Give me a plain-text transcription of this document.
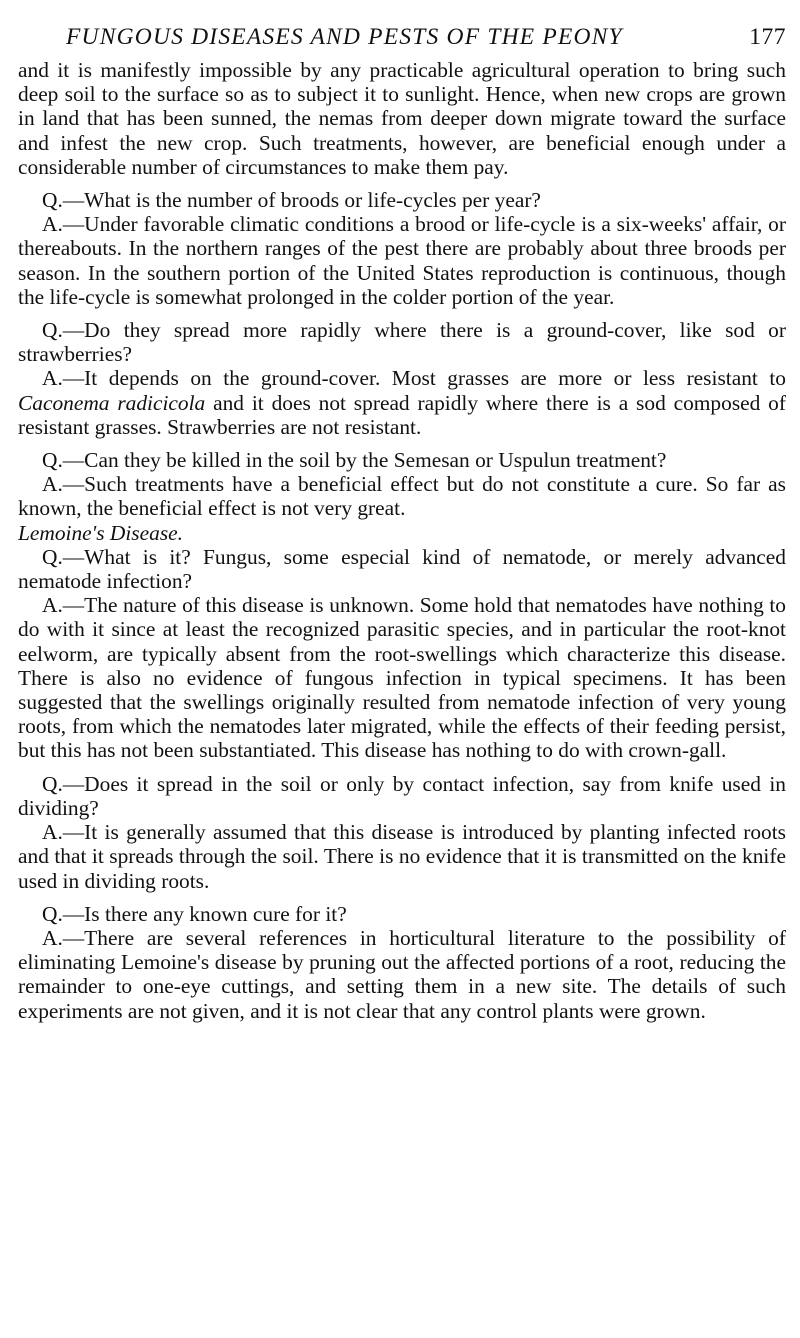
FUNGOUS DISEASES AND PESTS OF THE PEONY	177

and it is manifestly impossible by any practicable agricultural operation to bring such deep soil to the surface so as to subject it to sunlight. Hence, when new crops are grown in land that has been sunned, the nemas from deeper down migrate toward the surface and infest the new crop. Such treatments, however, are beneficial enough under a considerable number of circumstances to make them pay.

Q.—What is the number of broods or life-cycles per year?

A.—Under favorable climatic conditions a brood or life-cycle is a six-weeks' affair, or thereabouts. In the northern ranges of the pest there are probably about three broods per season. In the southern portion of the United States reproduction is continuous, though the life-cycle is somewhat prolonged in the colder portion of the year.

Q.—Do they spread more rapidly where there is a ground-cover, like sod or strawberries?

A.—It depends on the ground-cover. Most grasses are more or less resistant to Caconema radicicola and it does not spread rapidly where there is a sod composed of resistant grasses. Strawberries are not resistant.

Q.—Can they be killed in the soil by the Semesan or Uspulun treatment?

A.—Such treatments have a beneficial effect but do not constitute a cure. So far as known, the beneficial effect is not very great.

Lemoine's Disease.

Q.—What is it? Fungus, some especial kind of nematode, or merely advanced nematode infection?

A.—The nature of this disease is unknown. Some hold that nematodes have nothing to do with it since at least the recognized parasitic species, and in particular the root-knot eelworm, are typically absent from the root-swellings which characterize this disease. There is also no evidence of fungous infection in typical specimens. It has been suggested that the swellings originally resulted from nematode infection of very young roots, from which the nematodes later migrated, while the effects of their feeding persist, but this has not been substantiated. This disease has nothing to do with crown-gall.

Q.—Does it spread in the soil or only by contact infection, say from knife used in dividing?

A.—It is generally assumed that this disease is introduced by planting infected roots and that it spreads through the soil. There is no evidence that it is transmitted on the knife used in dividing roots.

Q.—Is there any known cure for it?

A.—There are several references in horticultural literature to the possibility of eliminating Lemoine's disease by pruning out the affected portions of a root, reducing the remainder to one-eye cuttings, and setting them in a new site. The details of such experiments are not given, and it is not clear that any control plants were grown.
